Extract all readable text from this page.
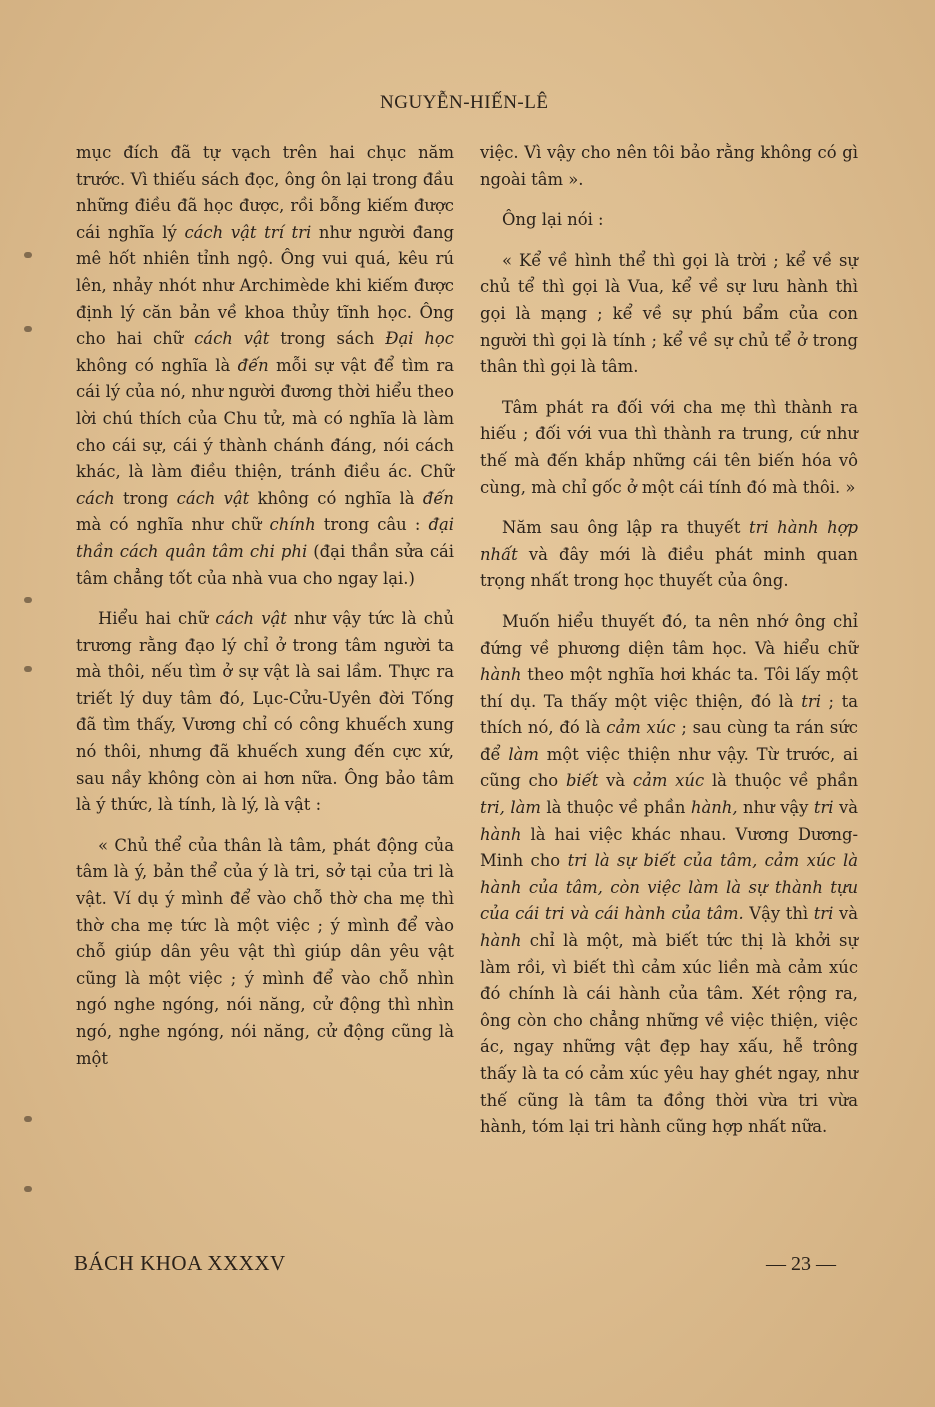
NGUYỄN-HIẾN-LÊ

mục đích đã tự vạch trên hai chục năm trước. Vì thiếu sách đọc, ông ôn lại trong đầu những điều đã học được, rồi bỗng kiếm được cái nghĩa lý cách vật trí tri như người đang mê hốt nhiên tỉnh ngộ. Ông vui quá, kêu rú lên, nhảy nhót như Archimède khi kiếm được định lý căn bản về khoa thủy tĩnh học. Ông cho hai chữ cách vật trong sách Đại học không có nghĩa là đến mỗi sự vật để tìm ra cái lý của nó, như người đương thời hiểu theo lời chú thích của Chu tử, mà có nghĩa là làm cho cái sự, cái ý thành chánh đáng, nói cách khác, là làm điều thiện, tránh điều ác. Chữ cách trong cách vật không có nghĩa là đến mà có nghĩa như chữ chính trong câu : đại thần cách quân tâm chi phi (đại thần sửa cái tâm chẳng tốt của nhà vua cho ngay lại.)

Hiểu hai chữ cách vật như vậy tức là chủ trương rằng đạo lý chỉ ở trong tâm người ta mà thôi, nếu tìm ở sự vật là sai lầm. Thực ra triết lý duy tâm đó, Lục-Cửu-Uyên đời Tống đã tìm thấy, Vương chỉ có công khuếch xung nó thôi, nhưng đã khuếch xung đến cực xứ, sau nầy không còn ai hơn nữa. Ông bảo tâm là ý thức, là tính, là lý, là vật :

« Chủ thể của thân là tâm, phát động của tâm là ý, bản thể của ý là tri, sở tại của tri là vật. Ví dụ ý mình để vào chỗ thờ cha mẹ thì thờ cha mẹ tức là một việc ; ý mình để vào chỗ giúp dân yêu vật thì giúp dân yêu vật cũng là một việc ; ý mình để vào chỗ nhìn ngó nghe ngóng, nói năng, cử động thì nhìn ngó, nghe ngóng, nói năng, cử động cũng là một

việc. Vì vậy cho nên tôi bảo rằng không có gì ngoài tâm ».

Ông lại nói :

« Kể về hình thể thì gọi là trời ; kể về sự chủ tể thì gọi là Vua, kể về sự lưu hành thì gọi là mạng ; kể về sự phú bẩm của con người thì gọi là tính ; kể về sự chủ tể ở trong thân thì gọi là tâm.

Tâm phát ra đối với cha mẹ thì thành ra hiếu ; đối với vua thì thành ra trung, cứ như thế mà đến khắp những cái tên biến hóa vô cùng, mà chỉ gốc ở một cái tính đó mà thôi. »

Năm sau ông lập ra thuyết tri hành hợp nhất và đây mới là điều phát minh quan trọng nhất trong học thuyết của ông.

Muốn hiểu thuyết đó, ta nên nhớ ông chỉ đứng về phương diện tâm học. Và hiểu chữ hành theo một nghĩa hơi khác ta. Tôi lấy một thí dụ. Ta thấy một việc thiện, đó là tri ; ta thích nó, đó là cảm xúc ; sau cùng ta rán sức để làm một việc thiện như vậy. Từ trước, ai cũng cho biết và cảm xúc là thuộc về phần tri, làm là thuộc về phần hành, như vậy tri và hành là hai việc khác nhau. Vương Dương-Minh cho tri là sự biết của tâm, cảm xúc là hành của tâm, còn việc làm là sự thành tựu của cái tri và cái hành của tâm. Vậy thì tri và hành chỉ là một, mà biết tức thị là khởi sự làm rồi, vì biết thì cảm xúc liền mà cảm xúc đó chính là cái hành của tâm. Xét rộng ra, ông còn cho chẳng những về việc thiện, việc ác, ngay những vật đẹp hay xấu, hễ trông thấy là ta có cảm xúc yêu hay ghét ngay, như thế cũng là tâm ta đồng thời vừa tri vừa hành, tóm lại tri hành cũng hợp nhất nữa.

BÁCH KHOA XXXXV	— 23 —
